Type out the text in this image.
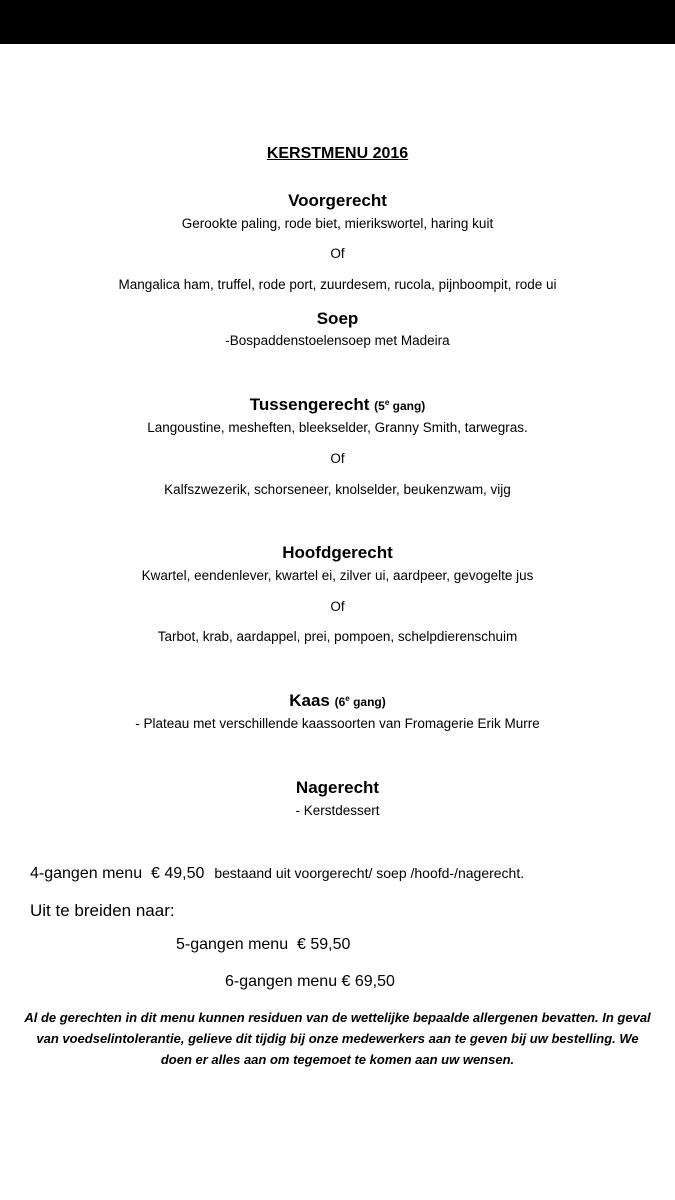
KERSTMENU 2016
Voorgerecht
Gerookte paling, rode biet, mierikswortel, haring kuit
Of
Mangalica ham, truffel, rode port, zuurdesem, rucola, pijnboompit, rode ui
Soep
-Bospaddenstoelensoep met Madeira
Tussengerecht (5e gang)
Langoustine, mesheften, bleekselder, Granny Smith, tarwegras.
Of
Kalfszwezerik, schorseneer, knolselder, beukenzwam, vijg
Hoofdgerecht
Kwartel, eendenlever, kwartel ei, zilver ui, aardpeer, gevogelte jus
Of
Tarbot, krab, aardappel, prei, pompoen, schelpdierenschuim
Kaas (6e gang)
- Plateau met verschillende kaassoorten van Fromagerie Erik Murre
Nagerecht
- Kerstdessert
4-gangen menu  € 49,50 bestaand uit voorgerecht/ soep /hoofd-/nagerecht.
Uit te breiden naar:
5-gangen menu  € 59,50
6-gangen menu € 69,50
Al de gerechten in dit menu kunnen residuen van de wettelijke bepaalde allergenen bevatten. In geval van voedselintolerantie, gelieve dit tijdig bij onze medewerkers aan te geven bij uw bestelling. We doen er alles aan om tegemoet te komen aan uw wensen.
